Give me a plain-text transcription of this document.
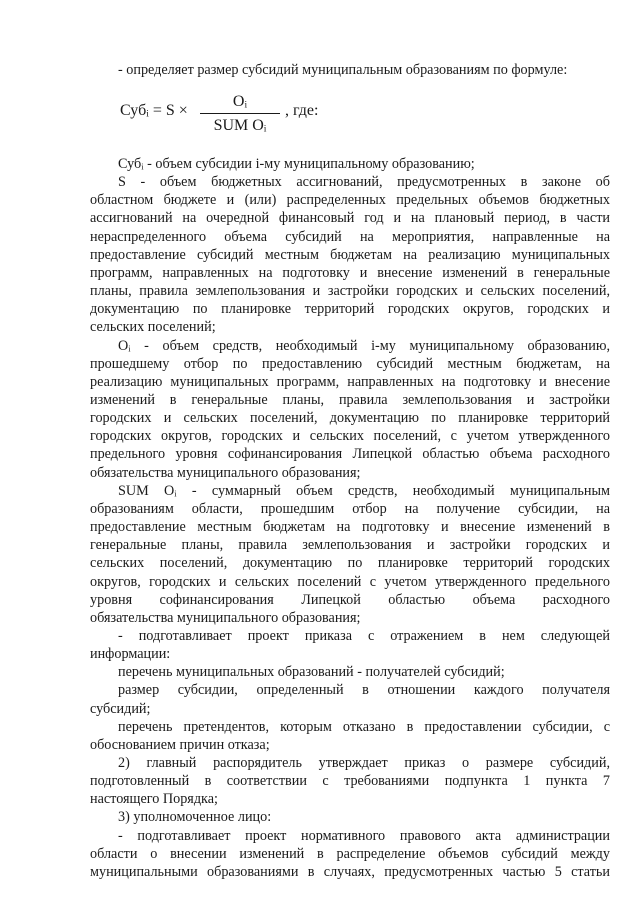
- определяет размер субсидий муниципальным образованиям по формуле:
Субᵢ = S ×
Oᵢ
SUM Oᵢ
, где:
Субᵢ - объем субсидии i-му муниципальному образованию;
S - объем бюджетных ассигнований, предусмотренных в законе об
областном бюджете и (или) распределенных предельных объемов бюджетных
ассигнований на очередной финансовый год и на плановый период, в части
нераспределенного объема субсидий на мероприятия, направленные на
предоставление субсидий местным бюджетам на реализацию муниципальных
программ, направленных на подготовку и внесение изменений в генеральные
планы, правила землепользования и застройки городских и сельских поселений,
документацию по планировке территорий городских округов, городских и
сельских поселений;
Oᵢ - объем средств, необходимый i-му муниципальному образованию,
прошедшему отбор по предоставлению субсидий местным бюджетам, на
реализацию муниципальных программ, направленных на подготовку и внесение
изменений в генеральные планы, правила землепользования и застройки
городских и сельских поселений, документацию по планировке территорий
городских округов, городских и сельских поселений, с учетом утвержденного
предельного уровня софинансирования Липецкой областью объема расходного
обязательства муниципального образования;
SUM Oᵢ - суммарный объем средств, необходимый муниципальным
образованиям области, прошедшим отбор на получение субсидии, на
предоставление местным бюджетам на подготовку и внесение изменений в
генеральные планы, правила землепользования и застройки городских и
сельских поселений, документацию по планировке территорий городских
округов, городских и сельских поселений с учетом утвержденного предельного
уровня софинансирования Липецкой областью объема расходного
обязательства муниципального образования;
- подготавливает проект приказа с отражением в нем следующей
информации:
перечень муниципальных образований - получателей субсидий;
размер субсидии, определенный в отношении каждого получателя
субсидий;
перечень претендентов, которым отказано в предоставлении субсидии, с
обоснованием причин отказа;
2) главный распорядитель утверждает приказ о размере субсидий,
подготовленный в соответствии с требованиями подпункта 1 пункта 7
настоящего Порядка;
3) уполномоченное лицо:
- подготавливает проект нормативного правового акта администрации
области о внесении изменений в распределение объемов субсидий между
муниципальными образованиями в случаях, предусмотренных частью 5 статьи
